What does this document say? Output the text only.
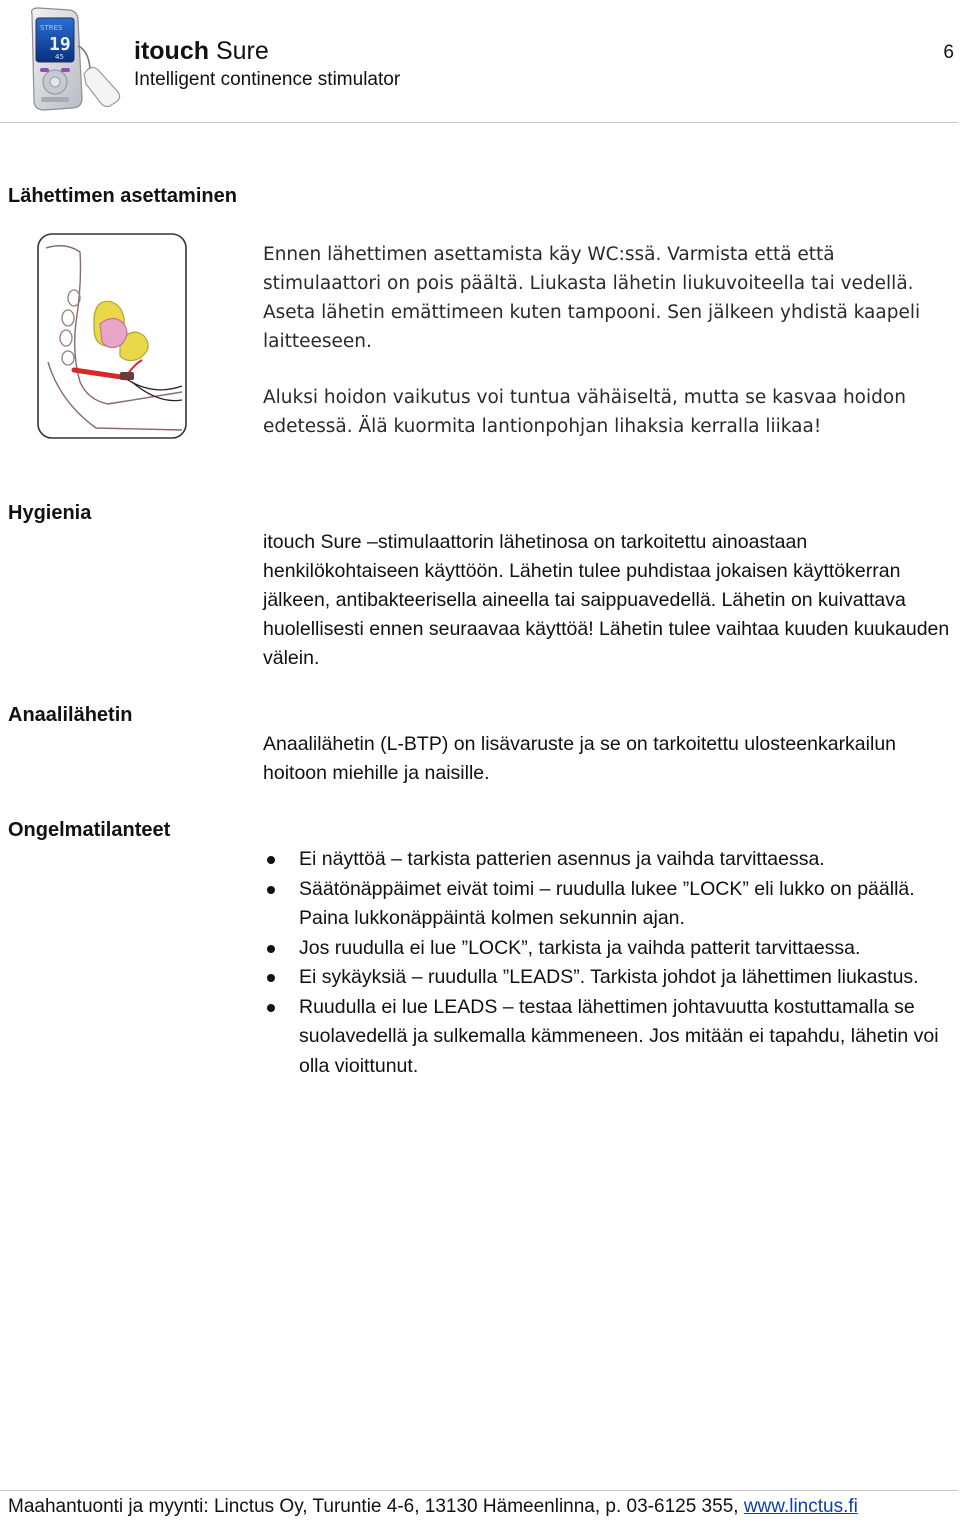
STRES
19
45	itouch Sure
Intelligent continence stimulator
6
Lähettimen asettaminen
Ennen lähettimen asettamista käy WC:ssä. Varmista että että stimulaattori on pois päältä. Liukasta lähetin liukuvoiteella tai vedellä. Aseta lähetin emättimeen kuten tampooni. Sen jälkeen yhdistä kaapeli laitteeseen.
Aluksi hoidon vaikutus voi tuntua vähäiseltä, mutta se kasvaa hoidon edetessä. Älä kuormita lantionpohjan lihaksia kerralla liikaa!
Hygienia
itouch Sure –stimulaattorin lähetinosa on tarkoitettu ainoastaan henkilökohtaiseen käyttöön. Lähetin tulee puhdistaa jokaisen käyttökerran jälkeen, antibakteerisella aineella tai saippuavedellä. Lähetin on kuivattava huolellisesti ennen seuraavaa käyttöä! Lähetin tulee vaihtaa kuuden kuukauden välein.
Anaalilähetin
Anaalilähetin (L-BTP) on lisävaruste ja se on tarkoitettu ulosteenkarkailun hoitoon miehille ja naisille.
Ongelmatilanteet
Ei näyttöä – tarkista patterien asennus ja vaihda tarvittaessa.
Säätönäppäimet eivät toimi – ruudulla lukee ”LOCK” eli lukko on päällä. Paina lukkonäppäintä kolmen sekunnin ajan.
Jos ruudulla ei lue ”LOCK”, tarkista ja vaihda patterit tarvittaessa.
Ei sykäyksiä – ruudulla ”LEADS”. Tarkista johdot ja lähettimen liukastus.
Ruudulla ei lue LEADS – testaa lähettimen johtavuutta kostuttamalla se suolavedellä ja sulkemalla kämmeneen. Jos mitään ei tapahdu, lähetin voi olla vioittunut.
Maahantuonti ja myynti: Linctus Oy, Turuntie 4-6, 13130 Hämeenlinna, p. 03-6125 355, www.linctus.fi
